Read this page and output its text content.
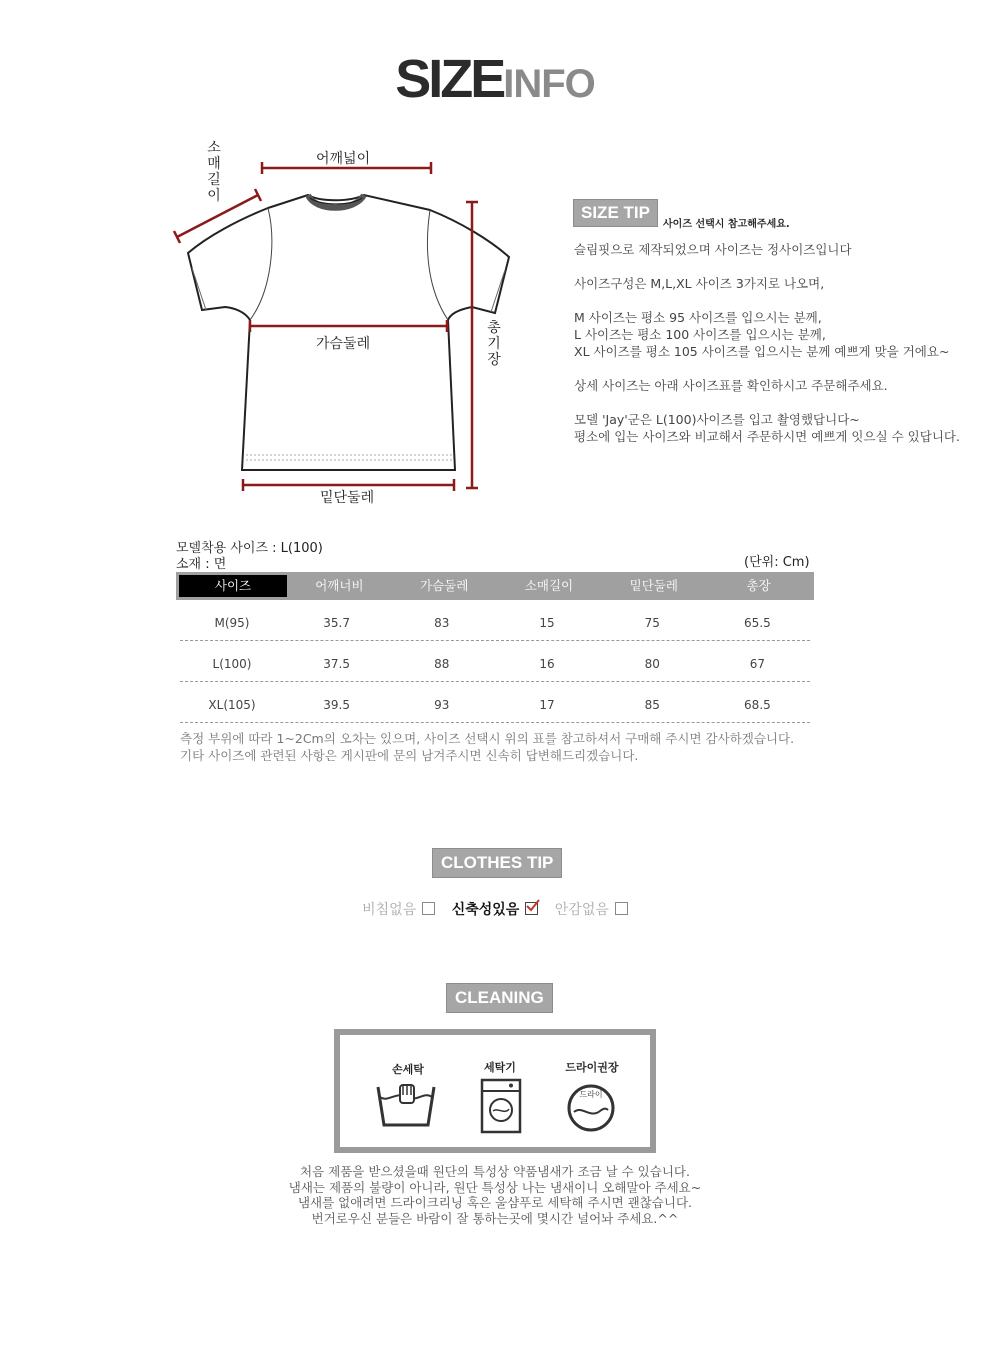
SIZEINFO
어깨넓이
소
매
길
이
가슴둘레
총
기
장
밑단둘레
SIZE TIP
사이즈 선택시 참고해주세요.

슬림핏으로 제작되었으며 사이즈는 정사이즈입니다

사이즈구성은 M,L,XL 사이즈 3가지로 나오며,

M 사이즈는 평소 95 사이즈를 입으시는 분께,
L 사이즈는 평소 100 사이즈를 입으시는 분께,
XL 사이즈를 평소 105 사이즈를 입으시는 분께 예쁘게 맞을 거에요~

상세 사이즈는 아래 사이즈표를 확인하시고 주문해주세요.

모델 'Jay'군은 L(100)사이즈를 입고 촬영했답니다~
평소에 입는 사이즈와 비교해서 주문하시면 예쁘게 잇으실 수 있답니다.

모델착용 사이즈 : L(100)
소재 : 면	(단위: Cm)
사이즈	어깨너비	가슴둘레	소매길이	밑단둘레	총장
M(95)	35.7	83	15	75	65.5
L(100)	37.5	88	16	80	67
XL(105)	39.5	93	17	85	68.5
측정 부위에 따라 1~2Cm의 오차는 있으며, 사이즈 선택시 위의 표를 참고하셔서 구매해 주시면 감사하겠습니다.
기타 사이즈에 관련된 사항은 게시판에 문의 남겨주시면 신속히 답변해드리겠습니다.
CLOTHES TIP
비침없음	신축성있음	안감없음
CLEANING
손세탁	세탁기	드라이권장
드라이

처음 제품을 받으셨을때 원단의 특성상 약품냄새가 조금 날 수 있습니다.

냄새는 제품의 불량이 아니라, 원단 특성상 나는 냄새이니 오해말아 주세요~

냄새를 없애려면 드라이크리닝 혹은 울샴푸로 세탁해 주시면 괜찮습니다.

번거로우신 분들은 바람이 잘 통하는곳에 몇시간 널어놔 주세요.^^
